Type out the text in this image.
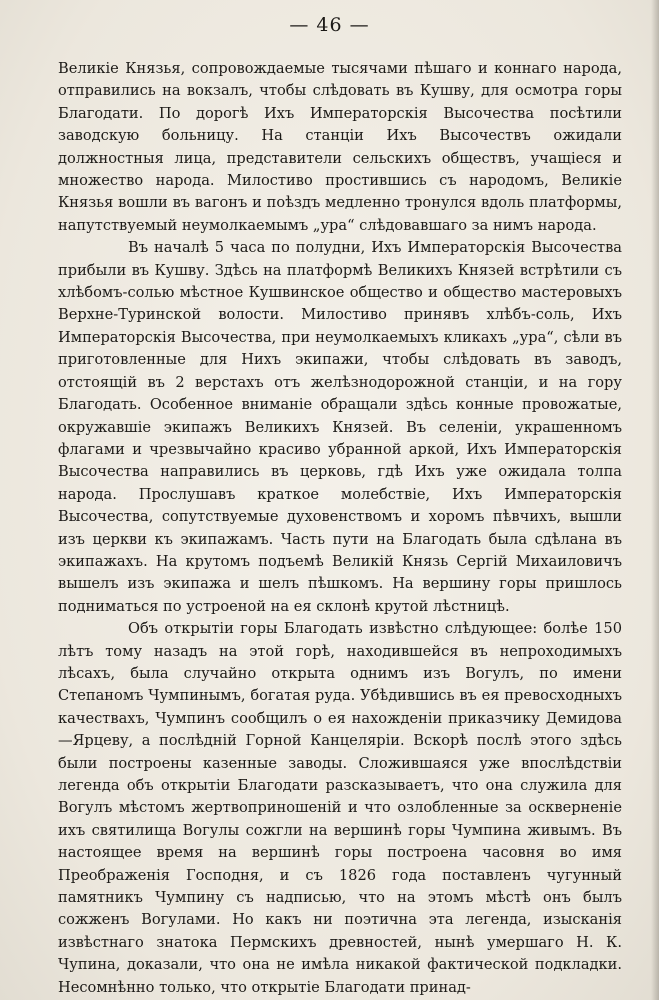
— 46 —

Великіе Князья, сопровождаемые тысячами пѣшаго и коннаго народа, отправились на вокзалъ, чтобы слѣдовать въ Кушву, для осмотра горы Благодати. По дорогѣ Ихъ Императорскія Высочества посѣтили заводскую больницу. На станціи Ихъ Высочествъ ожидали должностныя лица, представители сельскихъ обществъ, учащіеся и множество народа. Милостиво простившись съ народомъ, Великіе Князья вошли въ вагонъ и поѣздъ медленно тронулся вдоль платформы, напутствуемый неумолкаемымъ „ура“ слѣдовавшаго за нимъ народа.

Въ началѣ 5 часа по полудни, Ихъ Императорскія Высочества прибыли въ Кушву. Здѣсь на платформѣ Великихъ Князей встрѣтили съ хлѣбомъ-солью мѣстное Кушвинское общество и общество мастеровыхъ Верхне-Туринской волости. Милостиво принявъ хлѣбъ-соль, Ихъ Императорскія Высочества, при неумолкаемыхъ кликахъ „ура“, сѣли въ приготовленные для Нихъ экипажи, чтобы слѣдовать въ заводъ, отстоящій въ 2 верстахъ отъ желѣзнодорожной станціи, и на гору Благодать. Особенное вниманіе обращали здѣсь конные провожатые, окружавшіе экипажъ Великихъ Князей. Въ селеніи, украшенномъ флагами и чрезвычайно красиво убранной аркой, Ихъ Императорскія Высочества направились въ церковь, гдѣ Ихъ уже ожидала толпа народа. Прослушавъ краткое молебствіе, Ихъ Императорскія Высочества, сопутствуемые духовенствомъ и хоромъ пѣвчихъ, вышли изъ церкви къ экипажамъ. Часть пути на Благодать была сдѣлана въ экипажахъ. На крутомъ подъемѣ Великій Князь Сергій Михаиловичъ вышелъ изъ экипажа и шелъ пѣшкомъ. На вершину горы пришлось подниматься по устроеной на ея склонѣ крутой лѣстницѣ.

Объ открытіи горы Благодать извѣстно слѣдующее: болѣе 150 лѣтъ тому назадъ на этой горѣ, находившейся въ непроходимыхъ лѣсахъ, была случайно открыта однимъ изъ Вогулъ, по имени Степаномъ Чумпинымъ, богатая руда. Убѣдившись въ ея превосходныхъ качествахъ, Чумпинъ сообщилъ о ея нахожденіи приказчику Демидова—Ярцеву, а послѣдній Горной Канцеляріи. Вскорѣ послѣ этого здѣсь были построены казенные заводы. Сложившаяся уже впослѣдствіи легенда объ открытіи Благодати разсказываетъ, что она служила для Вогулъ мѣстомъ жертвоприношеній и что озлобленные за оскверненіе ихъ святилища Вогулы сожгли на вершинѣ горы Чумпина живымъ. Въ настоящее время на вершинѣ горы построена часовня во имя Преображенія Господня, и съ 1826 года поставленъ чугунный памятникъ Чумпину съ надписью, что на этомъ мѣстѣ онъ былъ сожженъ Вогулами. Но какъ ни поэтична эта легенда, изысканія извѣстнаго знатока Пермскихъ древностей, нынѣ умершаго Н. К. Чупина, доказали, что она не имѣла никакой фактической подкладки. Несомнѣнно только, что открытіе Благодати принад-
